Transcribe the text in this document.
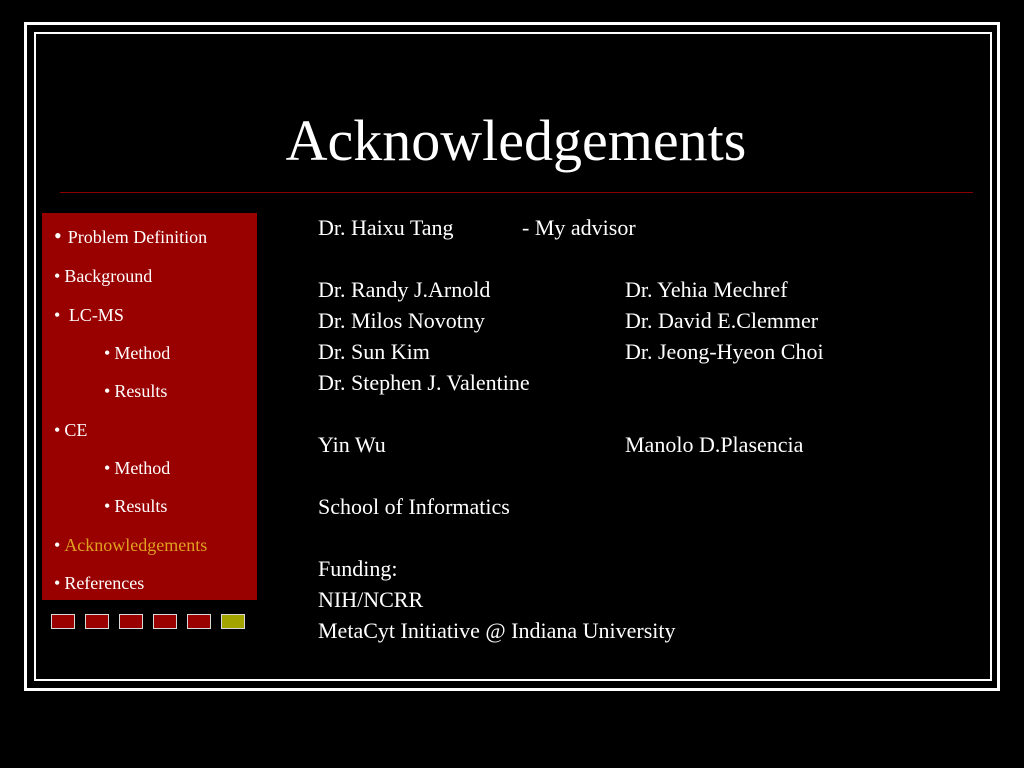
Acknowledgements
• Problem Definition
• Background
• LC-MS
• Method
• Results
• CE
• Method
• Results
• Acknowledgements
• References
Dr. Haixu Tang	- My advisor
Dr. Randy J.Arnold	Dr. Yehia Mechref
Dr. Milos Novotny	Dr. David E.Clemmer
Dr. Sun Kim	Dr. Jeong-Hyeon Choi
Dr. Stephen J. Valentine
Yin Wu	Manolo D.Plasencia
School of Informatics
Funding:
NIH/NCRR
MetaCyt Initiative @ Indiana University
